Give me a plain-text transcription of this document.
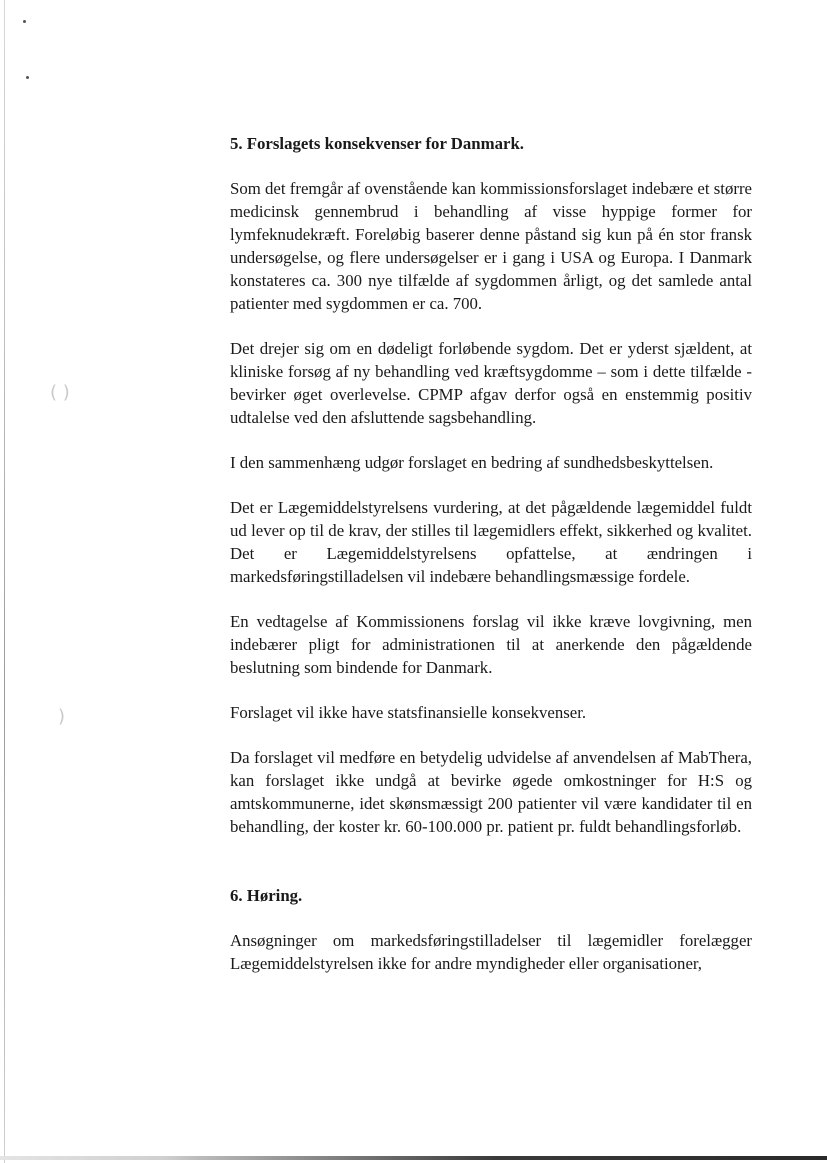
( )
)
5. Forslagets konsekvenser for Danmark.

Som det fremgår af ovenstående kan kommissionsforslaget indebære et større medicinsk gennembrud i behandling af visse hyppige former for lymfeknudekræft. Foreløbig baserer denne påstand sig kun på én stor fransk undersøgelse, og flere undersøgelser er i gang i USA og Europa. I Danmark konstateres ca. 300 nye tilfælde af sygdommen årligt, og det samlede antal patienter med sygdommen er ca. 700.

Det drejer sig om en dødeligt forløbende sygdom. Det er yderst sjældent, at kliniske forsøg af ny behandling ved kræftsygdomme – som i dette tilfælde - bevirker øget overlevelse. CPMP afgav derfor også en enstemmig positiv udtalelse ved den afsluttende sagsbehandling.

I den sammenhæng udgør forslaget en bedring af sundhedsbeskyttelsen.

Det er Lægemiddelstyrelsens vurdering, at det pågældende lægemiddel fuldt ud lever op til de krav, der stilles til lægemidlers effekt, sikkerhed og kvalitet. Det er Lægemiddelstyrelsens opfattelse, at ændringen i markedsføringstilladelsen vil indebære behandlingsmæssige fordele.

En vedtagelse af Kommissionens forslag vil ikke kræve lovgivning, men indebærer pligt for administrationen til at anerkende den pågældende beslutning som bindende for Danmark.

Forslaget vil ikke have statsfinansielle konsekvenser.

Da forslaget vil medføre en betydelig udvidelse af anvendelsen af MabThera, kan forslaget ikke undgå at bevirke øgede omkostninger for H:S og amtskommunerne, idet skønsmæssigt 200 patienter vil være kandidater til en behandling, der koster kr. 60-100.000 pr. patient pr. fuldt behandlingsforløb.

6. Høring.

Ansøgninger om markedsføringstilladelser til lægemidler forelægger Lægemiddelstyrelsen ikke for andre myndigheder eller organisationer,
